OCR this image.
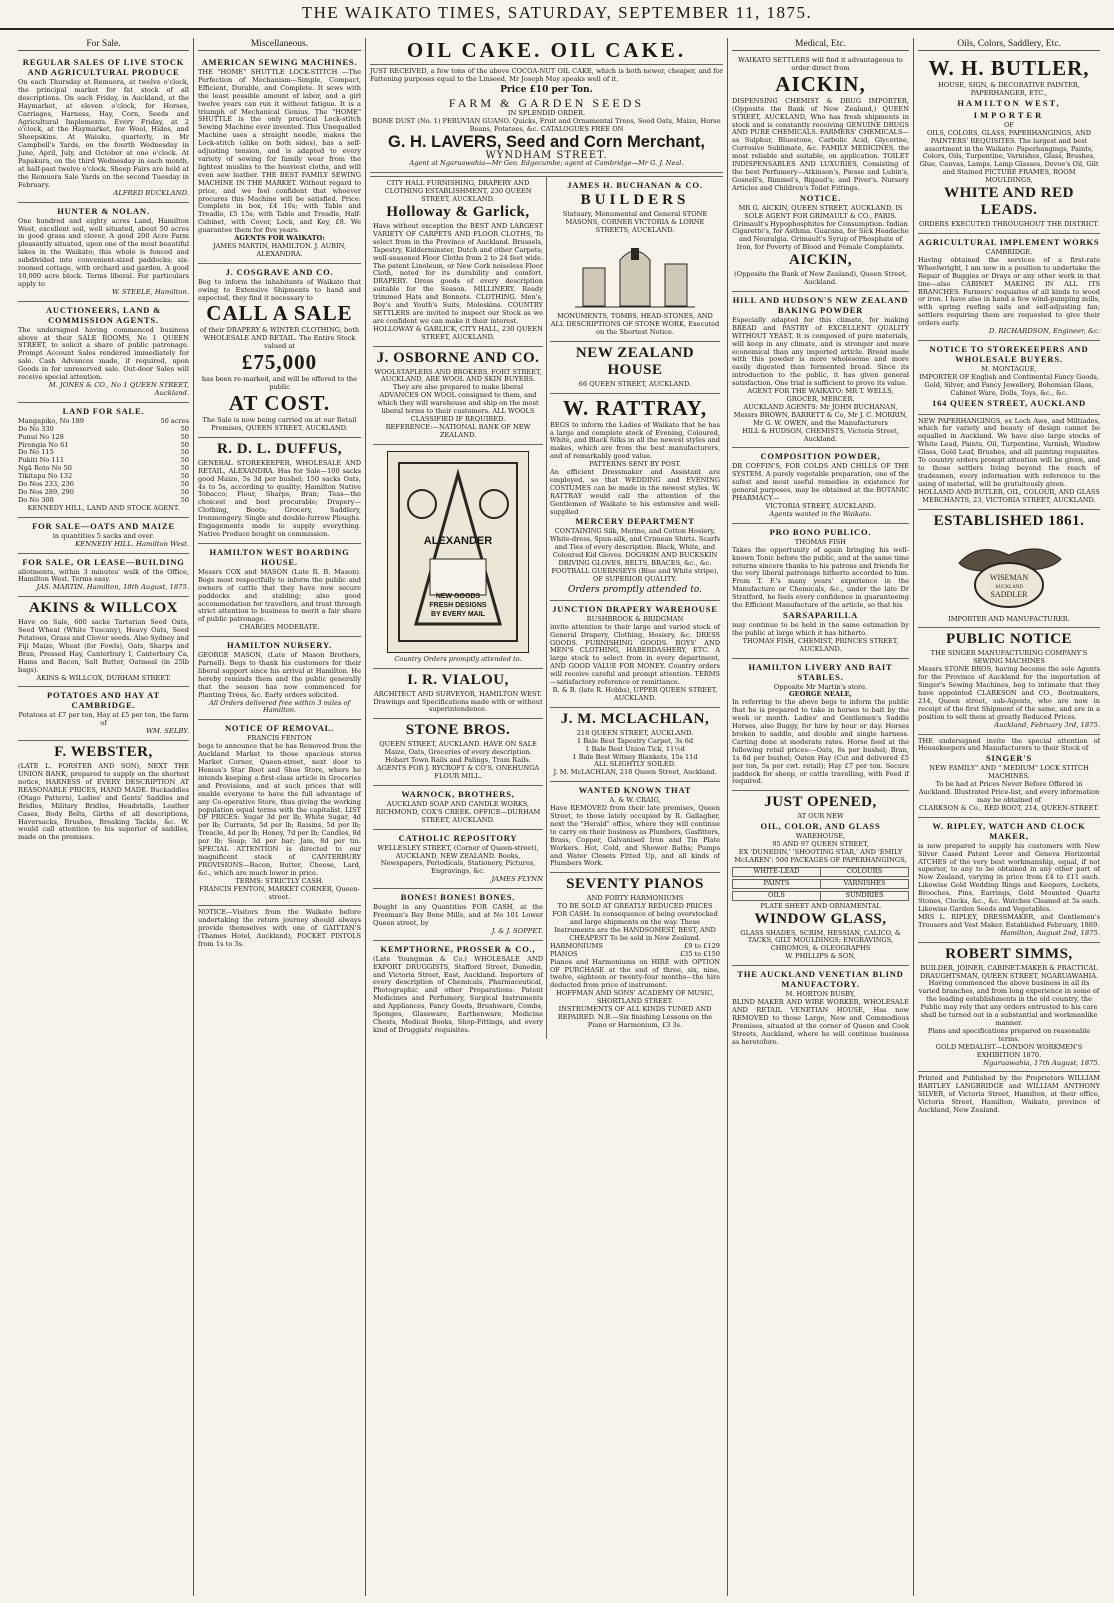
THE WAIKATO TIMES, SATURDAY, SEPTEMBER 11, 1875.
For Sale.
REGULAR SALES OF LIVE STOCK AND AGRICULTURAL PRODUCE
On each Thursday at Remuera, at twelve o'clock, the principal market for fat stock of all descriptions. On each Friday, in Auckland, at the Haymarket, at eleven o'clock, for Horses, Carriages, Harness, Hay, Corn, Seeds and Agricultural Implements. Every Friday, at 2 o'clock, at the Haymarket, for Wool, Hides, and Sheepskins. At Waiuku, quarterly, in Mr Campbell's Yards, on the fourth Wednesday in June, April, July, and October at one o'clock. At Papakura, on the third Wednesday in each month, at half-past twelve o'clock. Sheep Fairs are held at the Remuera Sale Yards on the second Tuesday in February.
ALFRED BUCKLAND.
HUNTER & NOLAN.
One hundred and eighty acres Land, Hamilton West, excellent soil, well situated, about 50 acres in good grass and clover. A good 200 Acre Farm pleasantly situated, upon one of the most beautiful lakes in the Waikato; this whole is fenced and subdivided into convenient-sized paddocks; six-roomed cottage, with orchard and garden. A good 10,000 acre block. Terms liberal. For particulars apply to
W. STEELE, Hamilton.
AUCTIONEERS, LAND & COMMISSION AGENTS.
The undersigned having commenced business above at their SALE ROOMS, No 1 QUEEN STREET, to solicit a share of public patronage. Prompt Account Sales rendered immediately for sale. Cash Advances made, if required, upon Goods in for unreserved sale. Out-door Sales will receive special attention.
M. JONES & CO., No 1 QUEEN STREET, Auckland.
LAND FOR SALE.
Mangapiko, No 189	50 acres
Do No 330	50
Punui No 128	50
Pirongia No 61	50
Do No 115	50
Pukiti No 111	50
Ngā Roto No 50	50
Tikitapu No 132	50
Do Nos 233, 236	50
Do Nos 289, 290	50
Do No 308	50
KENNEDY HILL, LAND AND STOCK AGENT.
FOR SALE—OATS AND MAIZE
in quantities 5 sacks and over.
KENNEDY HILL. Hamilton West.
FOR SALE, OR LEASE—BUILDING
allotments, within 3 minutes' walk of the Office, Hamilton West. Terms easy.
JAS. MARTIN. Hamilton, 18th August, 1875.
AKINS & WILLCOX
Have on Sale, 600 sacks Tartarian Seed Oats, Seed Wheat (White Tuscany), Heavy Oats, Seed Potatoes, Grass and Clover seeds. Also Sydney and Fiji Maize, Wheat (for Fowls), Oats, Sharps and Bran, Pressed Hay, Canterbury I, Canterbury Ca, Hams and Bacon, Salt Butter, Oatmeal (in 25lb bags).
AKINS & WILLCOX, DURHAM STREET.
POTATOES AND HAY AT CAMBRIDGE.
Potatoes at £7 per ton, Hay at £5 per ton, the farm of
WM. SELBY.
F. WEBSTER,
(LATE L. FORSTER AND SON), NEXT THE UNION BANK, prepared to supply on the shortest notice, HARNESS of EVERY DESCRIPTION AT REASONABLE PRICES, HAND MADE. Buckaddles (Otago Pattern), Ladies' and Gents' Saddles and Bridles, Military Bridles, Headstalls, Leather Cases, Body Belts, Girths of all descriptions, Haversacks, Brushes, Breaking Tackle, &c. W. would call attention to his superior of saddles, made on the premises.
Miscellaneous.
AMERICAN SEWING MACHINES.
THE "HOME" SHUTTLE LOCK-STITCH —The Perfection of Mechanism—Simple, Compact, Efficient, Durable, and Complete. It sews with the least possible amount of labor, and a girl twelve years can run it without fatigue. It is a triumph of Mechanical Genius. The "HOME" SHUTTLE is the only practical Lock-stitch Sewing Machine ever invented. This Unequalled Machine uses a straight needle, makes the Lock-stitch (alike on both sides), has a self-adjusting tension, and is adapted to every variety of sewing for family wear from the lightest muslins to the heaviest cloths, and will even sew leather. THE BEST FAMILY SEWING MACHINE IN THE MARKET. Without regard to price, and we feel confident that whoever procures this Machine will be satisfied. Price: Complete in box, £4 10s; with Table and Treadle, £5 15s; with Table and Treadle, Half-Cabinet, with Cover, Lock, and Key, £8. We guarantee them for five years.
AGENTS FOR WAIKATO:
JAMES MARTIN, HAMILTON. J. AUBIN, ALEXANDRA.
J. COSGRAVE AND CO.
Beg to inform the inhabitants of Waikato that owing to Extensive Shipments to hand and expected, they find it necessary to
CALL A SALE
of their DRAPERY & WINTER CLOTHING, both WHOLESALE AND RETAIL. The Entire Stock valued at
£75,000
has been re-marked, and will be offered to the public
AT COST.
The Sale is now being carried on at our Retail Premises, QUEEN STREET, AUCKLAND.
R. D. L. DUFFUS,
GENERAL STOREKEEPER, WHOLESALE AND RETAIL, ALEXANDRA. Has for Sale—100 sacks good Maize, 5s 3d per bushel; 150 sacks Oats, 4s to 5s, according to quality; Hamilton Native Tobacco; Flour, Sharps, Bran; Teas—the choicest and best procurable; Drapery—Clothing, Boots; Grocery, Saddlery, Ironmongery. Single and double-furrow Ploughs. Engagements made to supply everything. Native Produce bought on commission.
HAMILTON WEST BOARDING HOUSE.
Messrs COX and MASON (Late R. B. Mason). Begs most respectfully to inform the public and owners of cattle that they have now secure paddocks and stabling; also good accommodation for travellers, and trust through strict attention to business to merit a fair share of public patronage.
CHARGES MODERATE.
HAMILTON NURSERY.
GEORGE MASON, (Late of Mason Brothers, Parnell). Begs to thank his customers for their liberal support since his arrival at Hamilton. He hereby reminds them and the public generally that the season has now commenced for Planting Trees, &c. Early orders solicited.
All Orders delivered free within 3 miles of Hamilton.
NOTICE OF REMOVAL.
FRANCIS FENTON
begs to announce that he has Removed from the Auckland Market to those spacious stores Market Corner, Queen-street, next door to Hemus's Star Boot and Shoe Store, where he intends keeping a first-class article in Groceries and Provisions, and at such prices that will enable everyone to have the full advantage of any Co-operative Store, thus giving the working population equal terms with the capitalist. LIST OF PRICES: Sugar 3d per lb; White Sugar, 4d per lb; Currants, 5d per lb; Raisins, 5d per lb; Treacle, 4d per lb; Honey, 7d per lb; Candles, 8d per lb; Soap; 3d per bar; Jam, 8d per tin. SPECIAL ATTENTION is directed to our magnificent stock of CANTERBURY PROVISIONS—Bacon, Butter, Cheese, Lard, &c., which are much lower in price.
TERMS: STRICTLY CASH.
FRANCIS FENTON, MARKET CORNER, Queen-street.
NOTICE—Visitors from the Waikato before undertaking the return journey should always provide themselves with one of GAITTAN'S (Thames Hotel, Auckland), POCKET PISTOLS from 1s to 3s.
OIL CAKE. OIL CAKE.
JUST RECEIVED, a few tons of the above COCOA-NUT OIL CAKE, which is both newer, cheaper, and for Fattening purposes equal to the Linseed, Mr Joseph May speaks well of it.
Price £10 per Ton.
FARM & GARDEN SEEDS
IN SPLENDID ORDER.
BONE DUST (No. 1) PERUVIAN GUANO. Quicks, Fruit and Ornamental Trees, Seed Oats, Maize, Horse Beans, Potatoes, &c. CATALOGUES FREE ON
G. H. LAVERS, Seed and Corn Merchant,
WYNDHAM STREET.
Agent at Ngaruawahia—Mr Geo. Edgecumbe; agent at Cambridge—Mr G. J. Neal.
CITY HALL FURNISHING, DRAPERY AND CLOTHING ESTABLISHMENT, 230 QUEEN STREET, AUCKLAND.
Holloway & Garlick,
Have without exception the BEST AND LARGEST VARIETY OF CARPETS AND FLOOR CLOTHS, To select from in the Province of Auckland. Brussels, Tapestry, Kidderminster, Dutch and other Carpets; well-seasoned Floor Cloths from 2 to 24 feet wide. The patent Linoleum, or New Cork noiseless Floor Cloth, noted for its durability and comfort. DRAPERY. Dress goods of every description suitable for the Season. MILLINERY. Ready trimmed Hats and Bonnets. CLOTHING. Men's, Boy's and Youth's Suits, Moleskins. COUNTRY SETTLERS are invited to inspect our Stock as we are confident we can make it their interest.
HOLLOWAY & GARLICK, CITY HALL, 230 QUEEN STREET, AUCKLAND.
J. OSBORNE AND CO.
WOOLSTAPLERS AND BROKERS, FORT STREET, AUCKLAND, ARE WOOL AND SKIN BUYERS. They are also prepared to make liberal ADVANCES ON WOOL consigned to them, and which they will warehouse and ship on the most liberal terms to their customers. ALL WOOLS CLASSIFIED IF REQUIRED.
REFERENCE:—NATIONAL BANK OF NEW ZEALAND.
ALEXANDER
NEW GOODS FRESH DESIGNS BY EVERY MAIL
Country Orders promptly attended to.
I. R. VIALOU,
ARCHITECT AND SURVEYOR, HAMILTON WEST. Drawings and Specifications made with or without superintendence.
STONE BROS.
QUEEN STREET, AUCKLAND. HAVE ON SALE Maize, Oats, Groceries of every description. Hobart Town Rails and Palings, Tram Rails. AGENTS FOR J. RYCROFT & CO'S. ONEHUNGA FLOUR MILL.
WARNOCK, BROTHERS,
AUCKLAND SOAP AND CANDLE WORKS, RICHMOND, COX'S CREEK. OFFICE—DURHAM STREET, AUCKLAND.
CATHOLIC REPOSITORY
WELLESLEY STREET, (Corner of Queen-street), AUCKLAND, NEW ZEALAND. Books, Newspapers, Periodicals, Stationery, Pictures, Engravings, &c.
JAMES FLYNN
BONES! BONES! BONES.
Bought in any Quantities FOR CASH, at the Freeman's Bay Bone Mills, and at No 101 Lower Queen street, by
J. & J. SOPPET.
KEMPTHORNE, PROSSER & CO.,
(Late Youngman & Co.) WHOLESALE AND EXPORT DRUGGISTS, Stafford Street, Dunedin, and Victoria Street, East, Auckland. Importers of every description of Chemicals, Pharmaceutical, Photographic and other Preparations. Patent Medicines and Perfumery, Surgical Instruments and Appliances, Fancy Goods, Brushware, Combs, Sponges, Glassware, Earthenware, Medicine Chests, Medical Books, Shop-Fittings, and every kind of Druggists' requisites.
JAMES H. BUCHANAN & CO.
BUILDERS
Statuary, Monumental and General STONE MASONS, CORNER VICTORIA & LORNE STREETS, AUCKLAND.
MONUMENTS, TOMBS, HEAD-STONES, AND ALL DESCRIPTIONS OF STONE WORK, Executed on the Shortest Notice.
NEW ZEALAND HOUSE
66 QUEEN STREET, AUCKLAND.
W. RATTRAY,
BEGS to inform the Ladies of Waikato that he has a large and complete stock of Evening, Coloured, White, and Black Silks in all the newest styles and makes, which are from the best manufacturers, and of remarkably good value.
PATTERNS SENT BY POST.
An efficient Dressmaker and Assistant are employed, so that WEDDING and EVENING COSTUMES can be made in the newest styles. W. RATTRAY would call the attention of the Gentlemen of Waikato to his extensive and well-supplied
MERCERY DEPARTMENT
CONTAINING Silk, Merino, and Cotton Hosiery, White-dress, Spun-silk, and Crimean Shirts. Scarfs and Ties of every description. Black, White, and Coloured Kid Gloves. DOGSKIN AND BUCKSKIN DRIVING GLOVES, BELTS, BRACES, &c., &c. FOOTBALL GUERNSEYS (Blue and White stripe), OF SUPERIOR QUALITY.
Orders promptly attended to.
JUNCTION DRAPERY WAREHOUSE
RUSHBROOK & BRIDGMAN
invite attention to their large and varied stock of General Drapery, Clothing, Hosiery, &c. DRESS GOODS. FURNISHING GOODS. BOYS' AND MEN'S CLOTHING, HABERDASHERY, ETC. A large stock to select from in every department, AND GOOD VALUE FOR MONEY. Country orders will receive careful and prompt attention. TERMS—satisfactory reference or remittance.
R. & B. (late R. Hobbs), UPPER QUEEN STREET, AUCKLAND.
J. M. MCLACHLAN,
218 QUEEN STREET, AUCKLAND.
1 Bale Best Tapestry Carpet, 3s 6d
1 Bale Best Union Tick, 11½d
1 Bale Best Witney Blankets, 15s 11d
ALL SLIGHTLY SOILED.
J. M. McLACHLAN, 218 Queen Street, Auckland.
WANTED KNOWN THAT
A. & W. CRAIG,
Have REMOVED from their late premises, Queen Street, to those lately occupied by R. Gallagher, next the "Herald" office, where they will continue to carry on their business as Plumbers, Gasfitters, Brass, Copper, Galvanised Iron and Tin Plate Workers. Hot, Cold, and Shower Baths; Pumps and Water Closets Fitted Up, and all kinds of Plumbers Work.
SEVENTY PIANOS
AND FORTY HARMONIUMS
TO BE SOLD AT GREATLY REDUCED PRICES FOR CASH. In consequence of being overstocked and large shipments on the way. These Instruments are the HANDSOMEST, BEST, AND CHEAPEST To be sold in New Zealand.
HARMONIUMS	£9 to £129
PIANOS	£35 to £150
Pianos and Harmoniums on HIRE with OPTION OF PURCHASE at the end of three, six, nine, twelve, eighteen or twenty-four months—the hire deducted from price of instrument.
HOFFMAN AND SONS' ACADEMY OF MUSIC, SHORTLAND STREET.
INSTRUMENTS OF ALL KINDS TUNED AND REPAIRED. N.B.—Six finishing Lessons on the Piano or Harmonium, £3 3s.
Medical, Etc.
WAIKATO SETTLERS will find it advantageous to order direct from
AICKIN,
DISPENSING CHEMIST & DRUG IMPORTER, (Opposite the Bank of New Zealand,) QUEEN STREET, AUCKLAND, Who has fresh shipments in stock and is constantly receiving GENUINE DRUGS AND PURE CHEMICALS. FARMERS' CHEMICALS—as Sulphur, Bluestone, Carbolic Acid, Glycerine, Corrosive Sublimate, &c. FAMILY MEDICINES, the most reliable and suitable, on application. TOILET INDISPENSABLES AND LUXURIES, Consisting of the best Perfumery—Atkinson's, Piesse and Lubin's, Gosnell's, Rimmel's, Rigaud's; and Piver's. Nursery Articles and Children's Toilet Fittings.
NOTICE.
MR G. AICKIN, QUEEN STREET, AUCKLAND, IS SOLE AGENT FOR GRIMAULT & CO., PARIS. Grimault's Hypophosphites for Consumption. Indian Cigarette's, for Asthma. Guarana, for Sick Headache and Neuralgia. Grimault's Syrup of Phosphate of Iron, for Poverty of Blood and Female Complaints.
AICKIN,
(Opposite the Bank of New Zealand), Queen Street, Auckland.
HILL AND HUDSON'S NEW ZEALAND BAKING POWDER
Especially adapted for this climate, for making BREAD and PASTRY of EXCELLENT QUALITY WITHOUT YEAST. It is composed of pure materials, will keep in any climate, and is stronger and more economical than any imported article. Bread made with this powder is more wholesome and more easily digested than fermented bread. Since its introduction to the public, it has given general satisfaction. One trial is sufficient to prove its value.
AGENT FOR THE WAIKATO: MR T. WELLS, GROCER, MERCER.
AUCKLAND AGENTS: Mr JOHN BUCHANAN, Messrs BROWN, BARRETT & Co, Mr J. C. MORRIN, Mr G. W. OWEN, and the Manufacturers
HILL & HUDSON, CHEMISTS, Victoria Street, Auckland.
COMPOSITION POWDER,
DR COFFIN'S, FOR COLDS AND CHILLS OF THE SYSTEM. A purely vegetable preparation, one of the safest and most useful remedies in existence for general purposes, may be obtained at the BOTANIC PHARMACY—
VICTORIA STREET, AUCKLAND.
Agents wanted in the Waikato.
PRO BONO PUBLICO.
THOMAS FISH
Takes the opportunity of again bringing his well-known Tonic before the public, and at the same time returns sincere thanks to his patrons and friends for the very liberal patronage hitherto accorded to him. From T. F.'s many years' experience in the Manufacture or Chemicals, &c., under the late Dr Stratford, he feels every confidence in guaranteeing the Efficient Manufacture of the article, so that his
SARSAPARILLA
may continue to be held in the same estimation by the public at large which it has hitherto.
THOMAS FISH, CHEMIST, PRINCES STREET, AUCKLAND.
HAMILTON LIVERY AND BAIT STABLES.
Opposite Mr Martin's store.
GEORGE NEALE,
In referring to the above begs to inform the public that he is prepared to take in horses to bait by the week or month. Ladies' and Gentlemen's Saddle Horses, also Buggy, for hire by hour or day. Horses broken to saddle, and double and single harness. Carting done at moderate rates. Horse feed at the following retail prices:—Oats, 6s per bushel; Bran, 1s 8d per bushel; Oaten Hay (Cut and delivered £5 per ton, 5s per cwt. retail); Hay £7 per ton. Secure paddock for sheep, or cattle travelling, with Feed if required.
JUST OPENED,
AT OUR NEW
OIL, COLOR, AND GLASS
WAREHOUSE,
95 AND 97 QUEEN STREET,
EX 'DUNEDIN,' 'SHOOTING STAR,' AND 'EMILY McLAREN': 500 PACKAGES OF PAPERHANGINGS,
WHITE-LEAD	COLOURS
PAINTS	VARNISHES
OILS	SUNDRIES
PLATE SHEET AND ORNAMENTAL
WINDOW GLASS,
GLASS SHADES, SCRIM, HESSIAN, CALICO, & TACKS, GILT MOULDINGS; ENGRAVINGS, CHROMOS, & OLEOGRAPHS
W. PHILLIPS & SON,
THE AUCKLAND VENETIAN BLIND MANUFACTORY.
M. HORTON BUSBY,
BLIND MAKER AND WIRE WORKER, WHOLESALE AND RETAIL VENETIAN HOUSE, Has now REMOVED to those Large, New and Commodious Premises, situated at the corner of Queen and Cook Streets, Auckland, where he will continue business as heretofore.
Oils, Colors, Saddlery, Etc.
W. H. BUTLER,
HOUSE, SIGN, & DECORATIVE PAINTER,
PAPERHANGER, ETC.,
HAMILTON WEST,
IMPORTER
OF
OILS, COLORS, GLASS, PAPERHANGINGS, AND PAINTERS' REQUISITES. The largest and best assortment in the Waikato: Paperhangings, Paints, Colors, Oils, Turpentine, Varnishes, Glass, Brushes, Glue, Canvas, Lamps, Lamp Glasses, Devoe's Oil, Gilt and Stained PICTURE FRAMES, ROOM MOULDINGS,
WHITE AND RED LEADS.
ORDERS EXECUTED THROUGHOUT THE DISTRICT.
AGRICULTURAL IMPLEMENT WORKS
CAMBRIDGE.
Having obtained the services of a first-rate Wheelwright, I am now in a position to undertake the Repair of Buggies or Drays or any other work in that line—also CABINET MAKING IN ALL ITS BRANCHES. Farmers' requisites of all kinds to wood or iron. I have also in hand a few wind-pumping mills, with spring reefing sails and self-adjusting fan; settlers requiring them are requested to give their orders early.
D. RICHARDSON, Engineer, &c.
NOTICE TO STOREKEEPERS AND WHOLESALE BUYERS.
M. MONTAGUE,
IMPORTER OF English and Continental Fancy Goods, Gold, Silver, and Fancy Jewellery, Bohemian Glass, Cabinet Ware, Dolls, Toys, &c., &c.
164 QUEEN STREET, AUCKLAND
NEW PAPERHANGINGS, ex Loch Awe, and Miltiades, which for variety and beauty of design cannot be equalled in Auckland. We have also large stocks of White Lead, Paints, Oil, Turpentine, Varnish, Window Glass, Gold Leaf, Brushes, and all painting requisites. To country orders prompt attention will be given, and to those settlers living beyond the reach of tradesmen, every information with reference to the using of material, will be gratuitously given.
HOLLAND AND BUTLER, OIL, COLOUR, AND GLASS MERCHANTS, 23, VICTORIA STREET, AUCKLAND.
ESTABLISHED 1861.
WISEMAN
AUCKLAND
SADDLER
IMPORTER AND MANUFACTURER.
PUBLIC NOTICE
THE SINGER MANUFACTURING COMPANY'S SEWING MACHINES
Messrs STONE BROS, having become the sole Agents for the Province of Auckland for the importation of Singer's Sewing Machines, beg to intimate that they have appointed CLARKSON and CO., Bootmakers, 214, Queen street, sub-Agents, who are now in receipt of the first Shipment of the same, and are in a position to sell them at greatly Reduced Prices.
Auckland, February 3rd, 1875.
THE undersigned invite the special attention of Housekeepers and Manufacturers to their Stock of
SINGER'S
NEW FAMILY" AND " MEDIUM" LOCK STITCH MACHINES.
To be had at Prices Never Before Offered in Auckland. Illustrated Price-list, and every information may be obtained of
CLARKSON & Co., RED BOOT, 214, QUEEN-STREET.
W. RIPLEY, WATCH AND CLOCK MAKER,
is now prepared to supply his customers with New Silver Cased Patent Lever and Geneva Horizontal ATCHES of the very best workmanship, equal, if not superior, to any to be obtained in any other part of New Zealand, varying in price from £4 to £11 each. Likewise Gold Wedding Rings and Keepers, Lockets, Brooches, Pins, Earrings, Gold Mounted Quartz Stones, Clocks, &c., &c. Watches Cleaned at 5s each. Likewise Garden Seeds and Vegetables.
MRS L. RIPLEY, DRESSMAKER, and Gentlemen's Trousers and Vest Maker. Established February, 1869.
Hamilton, August 2nd, 1875.
ROBERT SIMMS,
BUILDER, JOINER, CABINET-MAKER & PRACTICAL DRAUGHTSMAN, QUEEN STREET, NGARUAWAHIA. Having commenced the above business in all its varied branches, and from long experience in some of the leading establishments in the old country, the Public may rely that any orders entrusted to his care shall be turned out in a substantial and workmanlike manner.
Plans and specifications prepared on reasonable terms.
GOLD MEDALIST—LONDON WORKMEN'S EXHIBITION 1870.
Ngaruawahia, 17th August, 1875.
Printed and Published by the Proprietors WILLIAM BARTLEY LANGBRIDGE and WILLIAM ANTHONY SILVER, of Victoria Street, Hamilton, at their office, Victoria Street, Hamilton, Waikato, province of Auckland, New Zealand.
